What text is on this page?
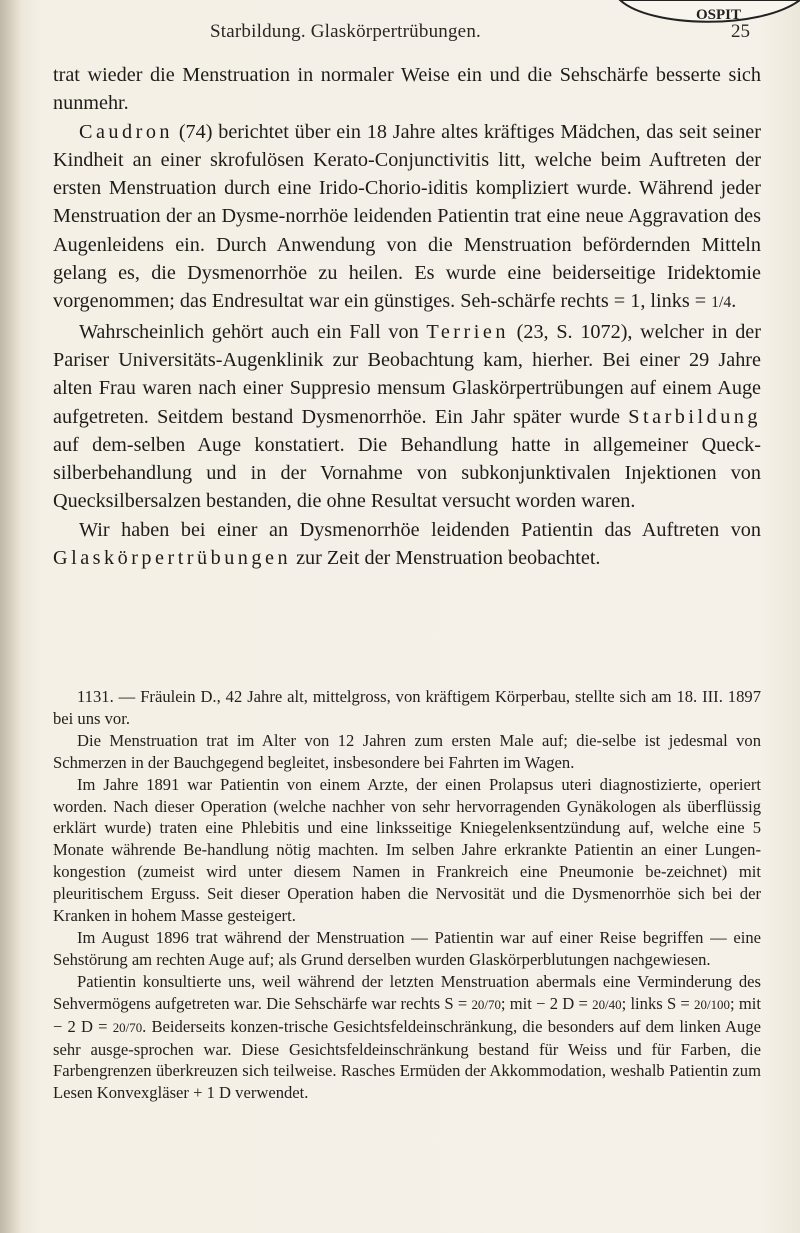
OSPIT
Starbildung. Glaskörpertrübungen.	25

trat wieder die Menstruation in normaler Weise ein und die Sehschärfe besserte sich nunmehr.

Caudron (74) berichtet über ein 18 Jahre altes kräftiges Mädchen, das seit seiner Kindheit an einer skrofulösen Kerato-Conjunctivitis litt, welche beim Auftreten der ersten Menstruation durch eine Irido-Chorio-iditis kompliziert wurde. Während jeder Menstruation der an Dysme-norrhöe leidenden Patientin trat eine neue Aggravation des Augenleidens ein. Durch Anwendung von die Menstruation befördernden Mitteln gelang es, die Dysmenorrhöe zu heilen. Es wurde eine beiderseitige Iridektomie vorgenommen; das Endresultat war ein günstiges. Seh-schärfe rechts = 1, links = 1/4.

Wahrscheinlich gehört auch ein Fall von Terrien (23, S. 1072), welcher in der Pariser Universitäts-Augenklinik zur Beobachtung kam, hierher. Bei einer 29 Jahre alten Frau waren nach einer Suppresio mensum Glaskörpertrübungen auf einem Auge aufgetreten. Seitdem bestand Dysmenorrhöe. Ein Jahr später wurde Starbildung auf dem-selben Auge konstatiert. Die Behandlung hatte in allgemeiner Queck-silberbehandlung und in der Vornahme von subkonjunktivalen Injektionen von Quecksilbersalzen bestanden, die ohne Resultat versucht worden waren.

Wir haben bei einer an Dysmenorrhöe leidenden Patientin das Auftreten von Glaskörpertrübungen zur Zeit der Menstruation beobachtet.

1131. — Fräulein D., 42 Jahre alt, mittelgross, von kräftigem Körperbau, stellte sich am 18. III. 1897 bei uns vor.

Die Menstruation trat im Alter von 12 Jahren zum ersten Male auf; die-selbe ist jedesmal von Schmerzen in der Bauchgegend begleitet, insbesondere bei Fahrten im Wagen.

Im Jahre 1891 war Patientin von einem Arzte, der einen Prolapsus uteri diagnostizierte, operiert worden. Nach dieser Operation (welche nachher von sehr hervorragenden Gynäkologen als überflüssig erklärt wurde) traten eine Phlebitis und eine linksseitige Kniegelenksentzündung auf, welche eine 5 Monate währende Be-handlung nötig machten. Im selben Jahre erkrankte Patientin an einer Lungen-kongestion (zumeist wird unter diesem Namen in Frankreich eine Pneumonie be-zeichnet) mit pleuritischem Erguss. Seit dieser Operation haben die Nervosität und die Dysmenorrhöe sich bei der Kranken in hohem Masse gesteigert.

Im August 1896 trat während der Menstruation — Patientin war auf einer Reise begriffen — eine Sehstörung am rechten Auge auf; als Grund derselben wurden Glaskörperblutungen nachgewiesen.

Patientin konsultierte uns, weil während der letzten Menstruation abermals eine Verminderung des Sehvermögens aufgetreten war. Die Sehschärfe war rechts S = 20/70; mit − 2 D = 20/40; links S = 20/100; mit − 2 D = 20/70. Beiderseits konzen-trische Gesichtsfeldeinschränkung, die besonders auf dem linken Auge sehr ausge-sprochen war. Diese Gesichtsfeldeinschränkung bestand für Weiss und für Farben, die Farbengrenzen überkreuzen sich teilweise. Rasches Ermüden der Akkommodation, weshalb Patientin zum Lesen Konvexgläser + 1 D verwendet.
